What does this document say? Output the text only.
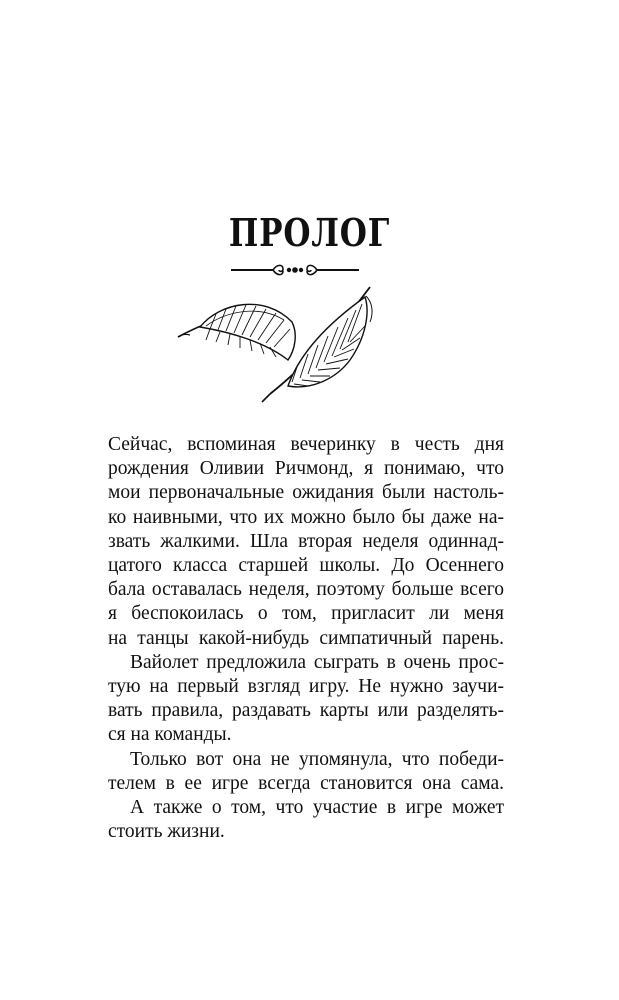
ПРОЛОГ
Сейчас, вспоминая вечеринку в честь дня
рождения Оливии Ричмонд, я понимаю, что
мои первоначальные ожидания были настоль-
ко наивными, что их можно было бы даже на-
звать жалкими. Шла вторая неделя одиннад-
цатого класса старшей школы. До Осеннего
бала оставалась неделя, поэтому больше всего
я беспокоилась о том, пригласит ли меня
на танцы какой-нибудь симпатичный парень.
Вайолет предложила сыграть в очень прос-
тую на первый взгляд игру. Не нужно заучи-
вать правила, раздавать карты или разделять-
ся на команды.
Только вот она не упомянула, что победи-
телем в ее игре всегда становится она сама.
А также о том, что участие в игре может
стоить жизни.
